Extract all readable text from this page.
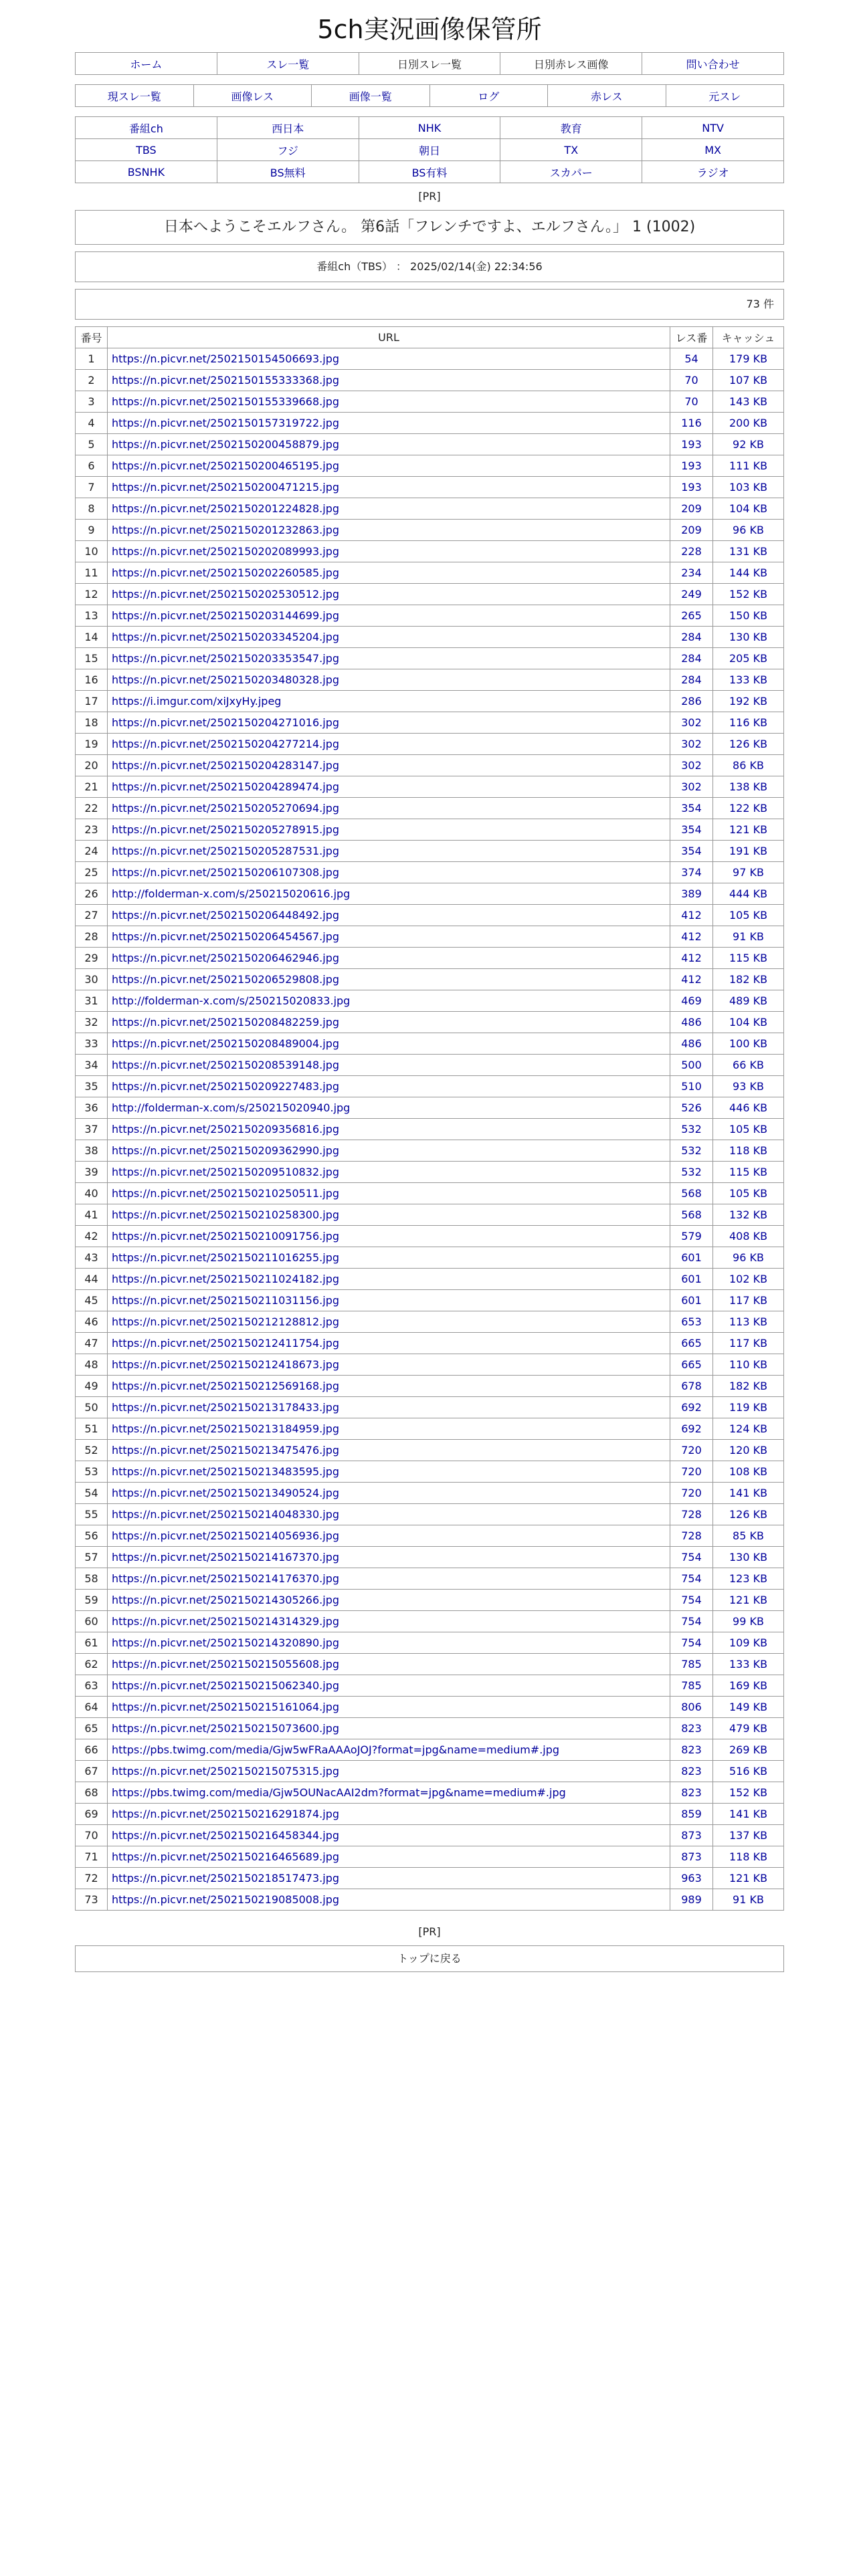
5ch実況画像保管所
ホーム	スレ一覧	日別スレ一覧	日別赤レス画像	問い合わせ
現スレ一覧	画像レス	画像一覧	ログ	赤レス	元スレ
番組ch	西日本	NHK	教育	NTV
TBS	フジ	朝日	TX	MX
BSNHK	BS無料	BS有料	スカパー	ラジオ
[PR]
日本へようこそエルフさん。 第6話「フレンチですよ、エルフさん。」 1 (1002)
番組ch（TBS） ： 2025/02/14(金) 22:34:56
73 件
番号	URL	レス番	キャッシュ
1	https://n.picvr.net/2502150154506693.jpg	54	179 KB
2	https://n.picvr.net/2502150155333368.jpg	70	107 KB
3	https://n.picvr.net/2502150155339668.jpg	70	143 KB
4	https://n.picvr.net/2502150157319722.jpg	116	200 KB
5	https://n.picvr.net/2502150200458879.jpg	193	92 KB
6	https://n.picvr.net/2502150200465195.jpg	193	111 KB
7	https://n.picvr.net/2502150200471215.jpg	193	103 KB
8	https://n.picvr.net/2502150201224828.jpg	209	104 KB
9	https://n.picvr.net/2502150201232863.jpg	209	96 KB
10	https://n.picvr.net/2502150202089993.jpg	228	131 KB
11	https://n.picvr.net/2502150202260585.jpg	234	144 KB
12	https://n.picvr.net/2502150202530512.jpg	249	152 KB
13	https://n.picvr.net/2502150203144699.jpg	265	150 KB
14	https://n.picvr.net/2502150203345204.jpg	284	130 KB
15	https://n.picvr.net/2502150203353547.jpg	284	205 KB
16	https://n.picvr.net/2502150203480328.jpg	284	133 KB
17	https://i.imgur.com/xiJxyHy.jpeg	286	192 KB
18	https://n.picvr.net/2502150204271016.jpg	302	116 KB
19	https://n.picvr.net/2502150204277214.jpg	302	126 KB
20	https://n.picvr.net/2502150204283147.jpg	302	86 KB
21	https://n.picvr.net/2502150204289474.jpg	302	138 KB
22	https://n.picvr.net/2502150205270694.jpg	354	122 KB
23	https://n.picvr.net/2502150205278915.jpg	354	121 KB
24	https://n.picvr.net/2502150205287531.jpg	354	191 KB
25	https://n.picvr.net/2502150206107308.jpg	374	97 KB
26	http://folderman-x.com/s/250215020616.jpg	389	444 KB
27	https://n.picvr.net/2502150206448492.jpg	412	105 KB
28	https://n.picvr.net/2502150206454567.jpg	412	91 KB
29	https://n.picvr.net/2502150206462946.jpg	412	115 KB
30	https://n.picvr.net/2502150206529808.jpg	412	182 KB
31	http://folderman-x.com/s/250215020833.jpg	469	489 KB
32	https://n.picvr.net/2502150208482259.jpg	486	104 KB
33	https://n.picvr.net/2502150208489004.jpg	486	100 KB
34	https://n.picvr.net/2502150208539148.jpg	500	66 KB
35	https://n.picvr.net/2502150209227483.jpg	510	93 KB
36	http://folderman-x.com/s/250215020940.jpg	526	446 KB
37	https://n.picvr.net/2502150209356816.jpg	532	105 KB
38	https://n.picvr.net/2502150209362990.jpg	532	118 KB
39	https://n.picvr.net/2502150209510832.jpg	532	115 KB
40	https://n.picvr.net/2502150210250511.jpg	568	105 KB
41	https://n.picvr.net/2502150210258300.jpg	568	132 KB
42	https://n.picvr.net/2502150210091756.jpg	579	408 KB
43	https://n.picvr.net/2502150211016255.jpg	601	96 KB
44	https://n.picvr.net/2502150211024182.jpg	601	102 KB
45	https://n.picvr.net/2502150211031156.jpg	601	117 KB
46	https://n.picvr.net/2502150212128812.jpg	653	113 KB
47	https://n.picvr.net/2502150212411754.jpg	665	117 KB
48	https://n.picvr.net/2502150212418673.jpg	665	110 KB
49	https://n.picvr.net/2502150212569168.jpg	678	182 KB
50	https://n.picvr.net/2502150213178433.jpg	692	119 KB
51	https://n.picvr.net/2502150213184959.jpg	692	124 KB
52	https://n.picvr.net/2502150213475476.jpg	720	120 KB
53	https://n.picvr.net/2502150213483595.jpg	720	108 KB
54	https://n.picvr.net/2502150213490524.jpg	720	141 KB
55	https://n.picvr.net/2502150214048330.jpg	728	126 KB
56	https://n.picvr.net/2502150214056936.jpg	728	85 KB
57	https://n.picvr.net/2502150214167370.jpg	754	130 KB
58	https://n.picvr.net/2502150214176370.jpg	754	123 KB
59	https://n.picvr.net/2502150214305266.jpg	754	121 KB
60	https://n.picvr.net/2502150214314329.jpg	754	99 KB
61	https://n.picvr.net/2502150214320890.jpg	754	109 KB
62	https://n.picvr.net/2502150215055608.jpg	785	133 KB
63	https://n.picvr.net/2502150215062340.jpg	785	169 KB
64	https://n.picvr.net/2502150215161064.jpg	806	149 KB
65	https://n.picvr.net/2502150215073600.jpg	823	479 KB
66	https://pbs.twimg.com/media/Gjw5wFRaAAAoJOJ?format=jpg&name=medium#.jpg	823	269 KB
67	https://n.picvr.net/2502150215075315.jpg	823	516 KB
68	https://pbs.twimg.com/media/Gjw5OUNacAAI2dm?format=jpg&name=medium#.jpg	823	152 KB
69	https://n.picvr.net/2502150216291874.jpg	859	141 KB
70	https://n.picvr.net/2502150216458344.jpg	873	137 KB
71	https://n.picvr.net/2502150216465689.jpg	873	118 KB
72	https://n.picvr.net/2502150218517473.jpg	963	121 KB
73	https://n.picvr.net/2502150219085008.jpg	989	91 KB
[PR]
トップに戻る
